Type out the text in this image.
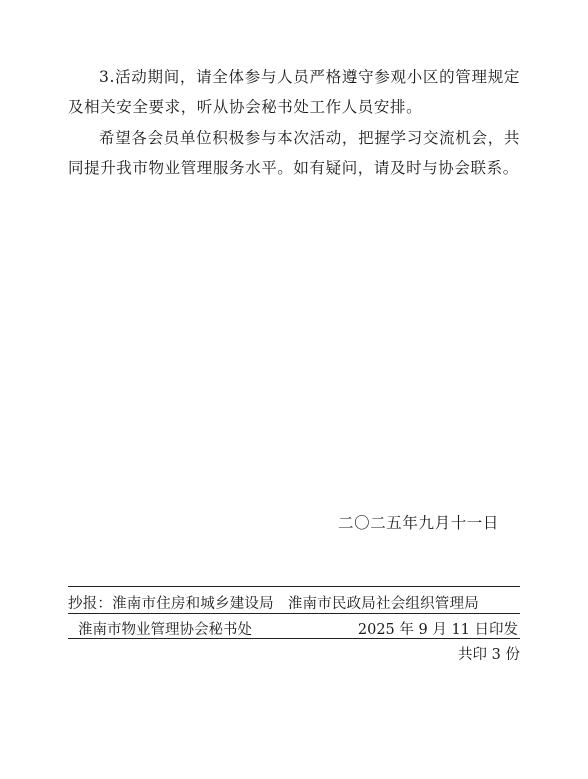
3.活动期间，请全体参与人员严格遵守参观小区的管理规定及相关安全要求，听从协会秘书处工作人员安排。

希望各会员单位积极参与本次活动，把握学习交流机会，共同提升我市物业管理服务水平。如有疑问，请及时与协会联系。

二〇二五年九月十一日
抄报：淮南市住房和城乡建设局 淮南市民政局社会组织管理局
淮南市物业管理协会秘书处	2025 年 9 月 11 日印发
共印 3 份
